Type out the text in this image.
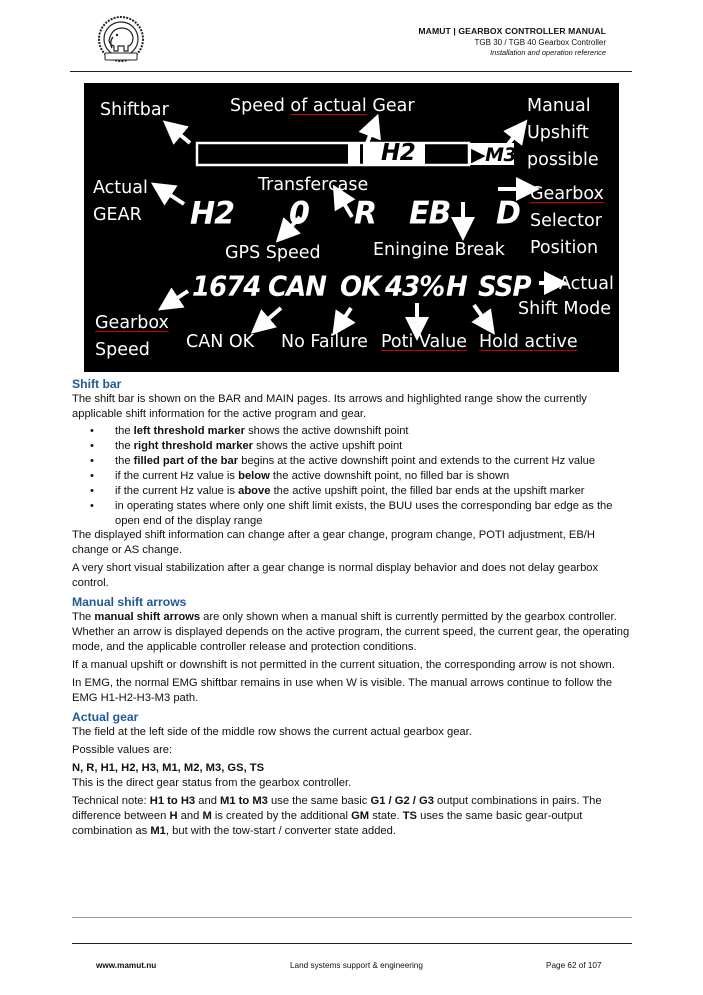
MAMUT | GEARBOX CONTROLLER MANUAL
TGB 30 / TGB 40 Gearbox Controller
Installation and operation reference
H2	▶M3
Shiftbar	Speed of actual Gear	Manual
Upshift
possible
Actual
GEAR
Transfercase	Gearbox
Selector
Position
H2 0 R EB D
GPS Speed	Eningine Break
1674 CAN OK 43% H SSP Actual
Shift Mode
Gearbox
Speed CAN OK No Failure Poti Value Hold active
Shift bar

The shift bar is shown on the BAR and MAIN pages. Its arrows and highlighted range show the currently applicable shift information for the active program and gear.

• the left threshold marker shows the active downshift point
• the right threshold marker shows the active upshift point
• the filled part of the bar begins at the active downshift point and extends to the current Hz value
• if the current Hz value is below the active downshift point, no filled bar is shown
• if the current Hz value is above the active upshift point, the filled bar ends at the upshift marker
• in operating states where only one shift limit exists, the BUU uses the corresponding bar edge as the open end of the display range

The displayed shift information can change after a gear change, program change, POTI adjustment, EB/H change or AS change.

A very short visual stabilization after a gear change is normal display behavior and does not delay gearbox control.

Manual shift arrows

The manual shift arrows are only shown when a manual shift is currently permitted by the gearbox controller. Whether an arrow is displayed depends on the active program, the current speed, the current gear, the operating mode, and the applicable controller release and protection conditions.

If a manual upshift or downshift is not permitted in the current situation, the corresponding arrow is not shown.

In EMG, the normal EMG shiftbar remains in use when W is visible. The manual arrows continue to follow the EMG H1-H2-H3-M3 path.

Actual gear

The field at the left side of the middle row shows the current actual gearbox gear.

Possible values are:

N, R, H1, H2, H3, M1, M2, M3, GS, TS

This is the direct gear status from the gearbox controller.

Technical note: H1 to H3 and M1 to M3 use the same basic G1 / G2 / G3 output combinations in pairs. The difference between H and M is created by the additional GM state. TS uses the same basic gear-output combination as M1, but with the tow-start / converter state added.

www.mamut.nu	Land systems support & engineering	Page 62 of 107
